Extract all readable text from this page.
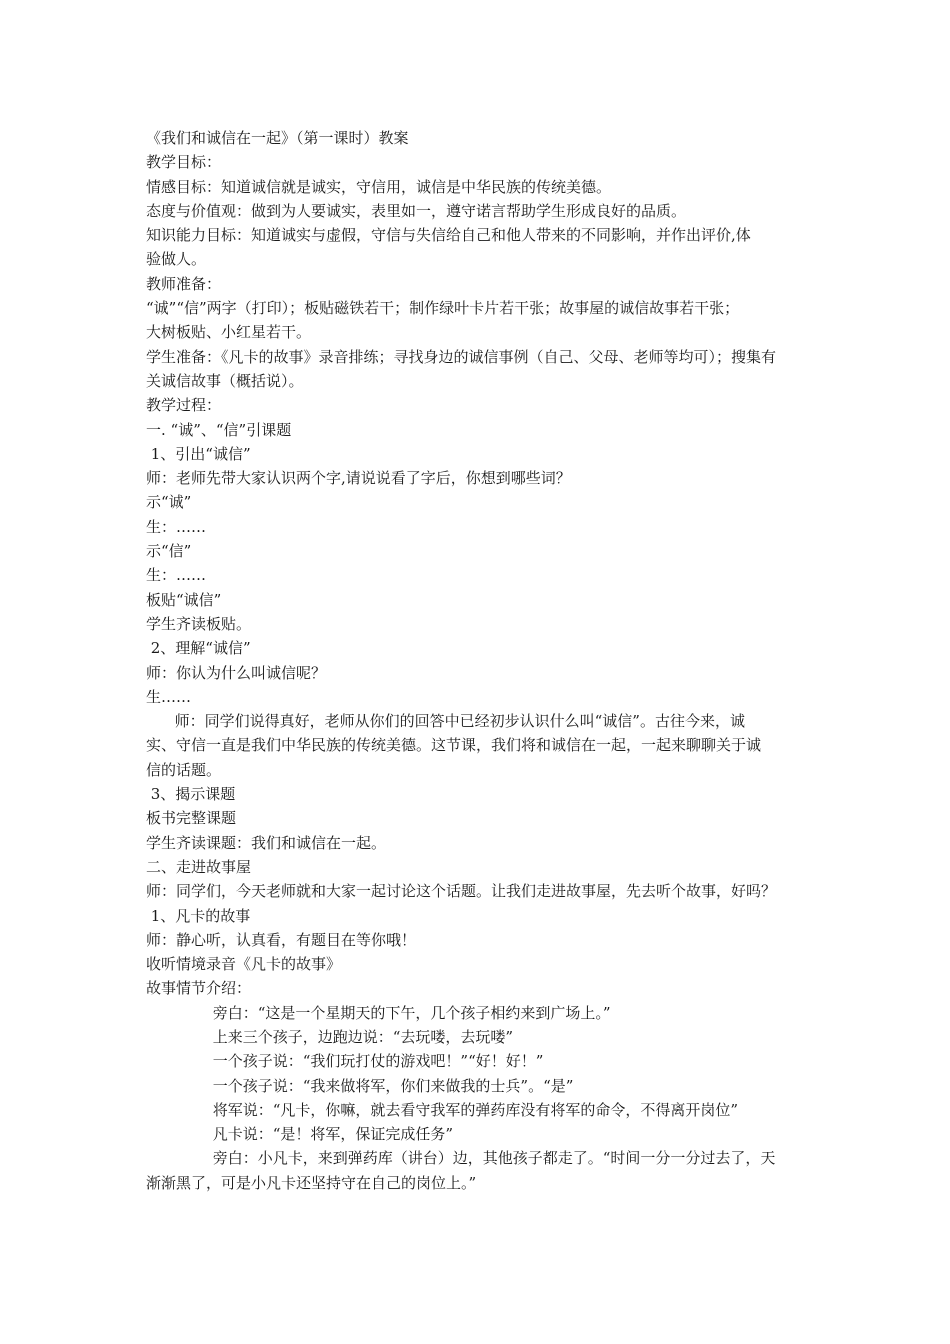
《我们和诚信在一起》（第一课时）教案
教学目标：
情感目标：知道诚信就是诚实，守信用，诚信是中华民族的传统美德。
态度与价值观：做到为人要诚实，表里如一，遵守诺言帮助学生形成良好的品质。
知识能力目标：知道诚实与虚假，守信与失信给自己和他人带来的不同影响，并作出评价,体
验做人。
教师准备：
“诚”“信”两字（打印）；板贴磁铁若干；制作绿叶卡片若干张；故事屋的诚信故事若干张；
大树板贴、小红星若干。
学生准备：《凡卡的故事》录音排练；寻找身边的诚信事例（自己、父母、老师等均可）；搜集有
关诚信故事（概括说）。
教学过程：
一. “诚”、“信”引课题
1、引出“诚信”
师：老师先带大家认识两个字,请说说看了字后，你想到哪些词？
示“诚”
生：……
示“信”
生：……
板贴“诚信”
学生齐读板贴。
2、理解“诚信”
师：你认为什么叫诚信呢？
生……
师：同学们说得真好，老师从你们的回答中已经初步认识什么叫“诚信”。古往今来，诚
实、守信一直是我们中华民族的传统美德。这节课，我们将和诚信在一起，一起来聊聊关于诚
信的话题。
3、揭示课题
板书完整课题
学生齐读课题：我们和诚信在一起。
二、走进故事屋
师：同学们，今天老师就和大家一起讨论这个话题。让我们走进故事屋，先去听个故事，好吗？
1、凡卡的故事
师：静心听，认真看，有题目在等你哦！
收听情境录音《凡卡的故事》
故事情节介绍：
旁白：“这是一个星期天的下午，几个孩子相约来到广场上。”
上来三个孩子，边跑边说：“去玩喽，去玩喽”
一个孩子说：“我们玩打仗的游戏吧！”“好！好！”
一个孩子说：“我来做将军，你们来做我的士兵”。“是”
将军说：“凡卡，你嘛，就去看守我军的弹药库没有将军的命令，不得离开岗位”
凡卡说：“是！将军，保证完成任务”
旁白：小凡卡，来到弹药库（讲台）边，其他孩子都走了。“时间一分一分过去了，天
渐渐黑了，可是小凡卡还坚持守在自己的岗位上。”
